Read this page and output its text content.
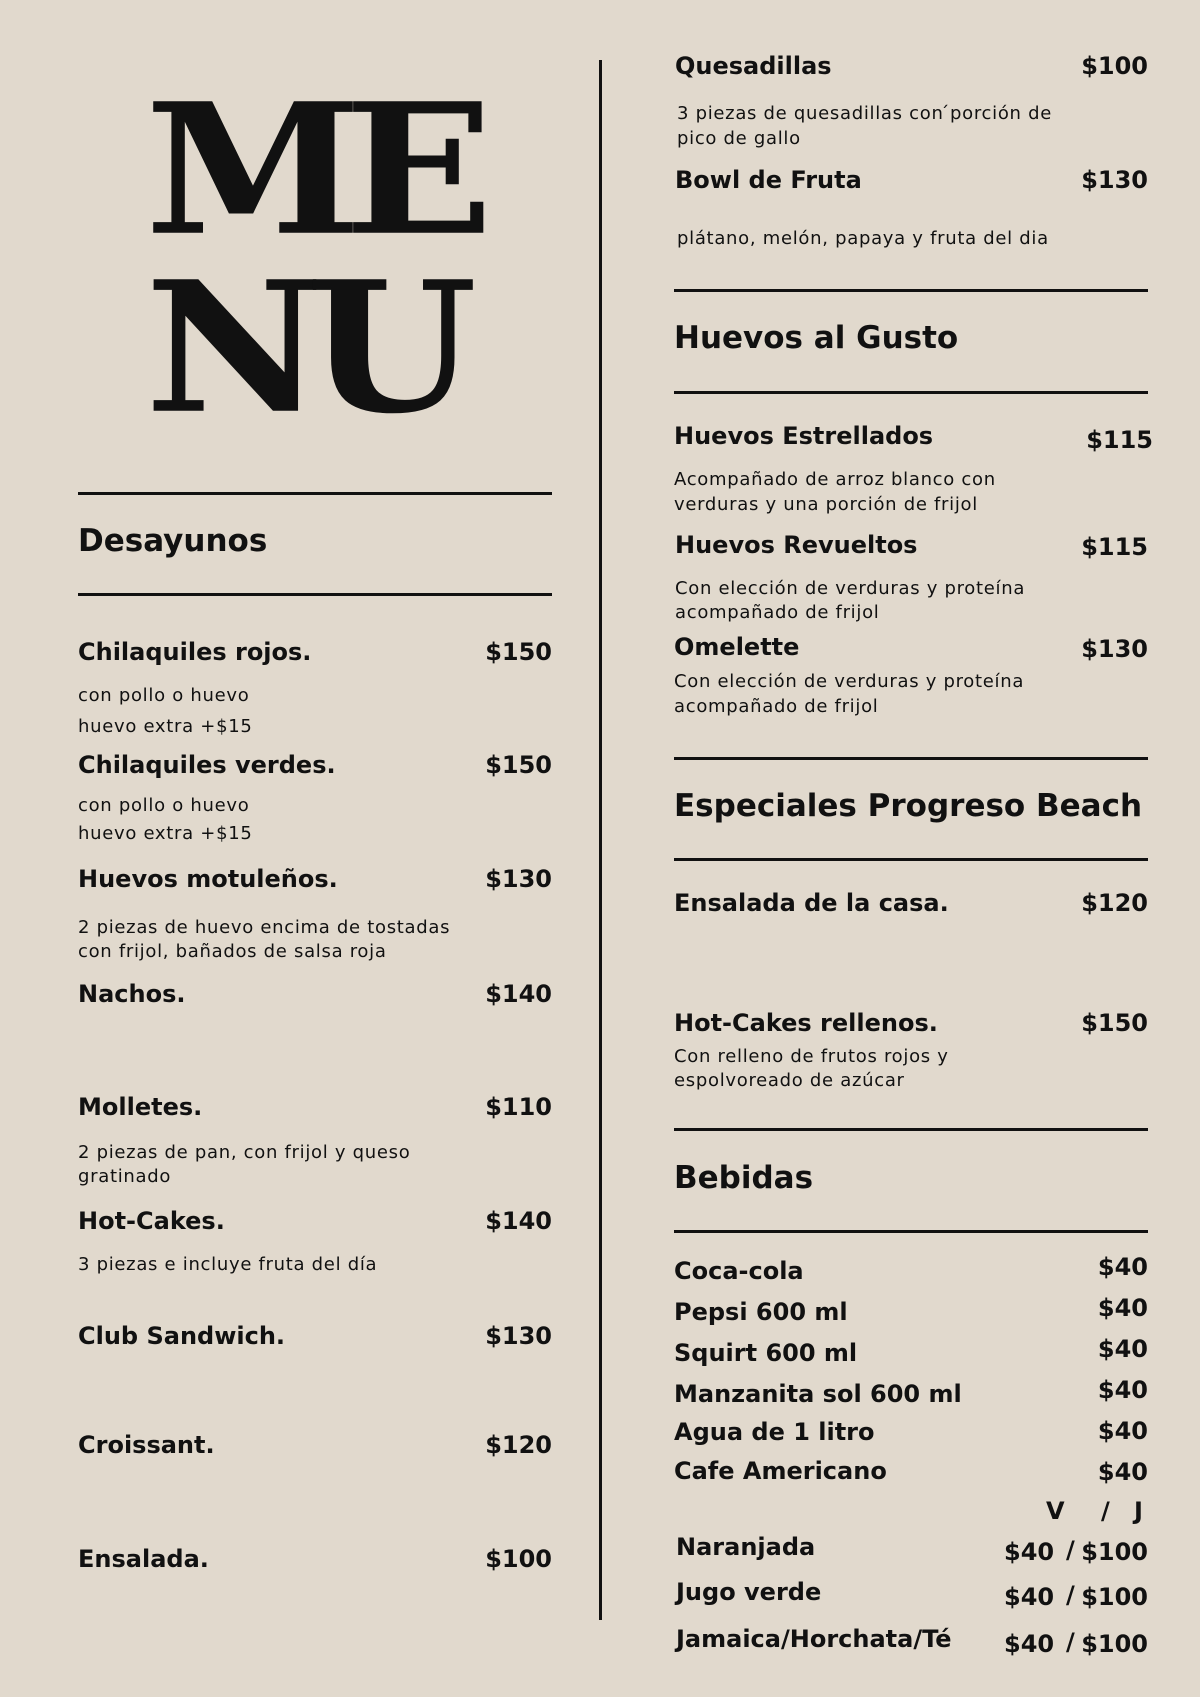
ME
NU
Desayunos
Chilaquiles rojos.	$150
con pollo o huevo
huevo extra +$15
Chilaquiles verdes.	$150
con pollo o huevo
huevo extra +$15
Huevos motuleños.	$130
2 piezas de huevo encima de tostadas
con frijol, bañados de salsa roja
Nachos.	$140
Molletes.	$110
2 piezas de pan, con frijol y queso
gratinado
Hot-Cakes.	$140
3 piezas e incluye fruta del día
Club Sandwich.	$130
Croissant.	$120
Ensalada.	$100
Quesadillas	$100
3 piezas de quesadillas con ́porción de
pico de gallo
Bowl de Fruta	$130
plátano, melón, papaya y fruta del dia
Huevos al Gusto
Huevos Estrellados	$115
Acompañado de arroz blanco con
verduras y una porción de frijol
Huevos Revueltos	$115
Con elección de verduras y proteína
acompañado de frijol
Omelette	$130
Con elección de verduras y proteína
acompañado de frijol
Especiales Progreso Beach
Ensalada de la casa.	$120
Hot-Cakes rellenos.	$150
Con relleno de frutos rojos y
espolvoreado de azúcar
Bebidas
Coca-cola	$40
Pepsi 600 ml	$40
Squirt 600 ml	$40
Manzanita sol 600 ml	$40
Agua de 1 litro	$40
Cafe Americano	$40
V / J
Naranjada	$40 / $100
Jugo verde	$40 / $100
Jamaica/Horchata/Té $40 / $100
